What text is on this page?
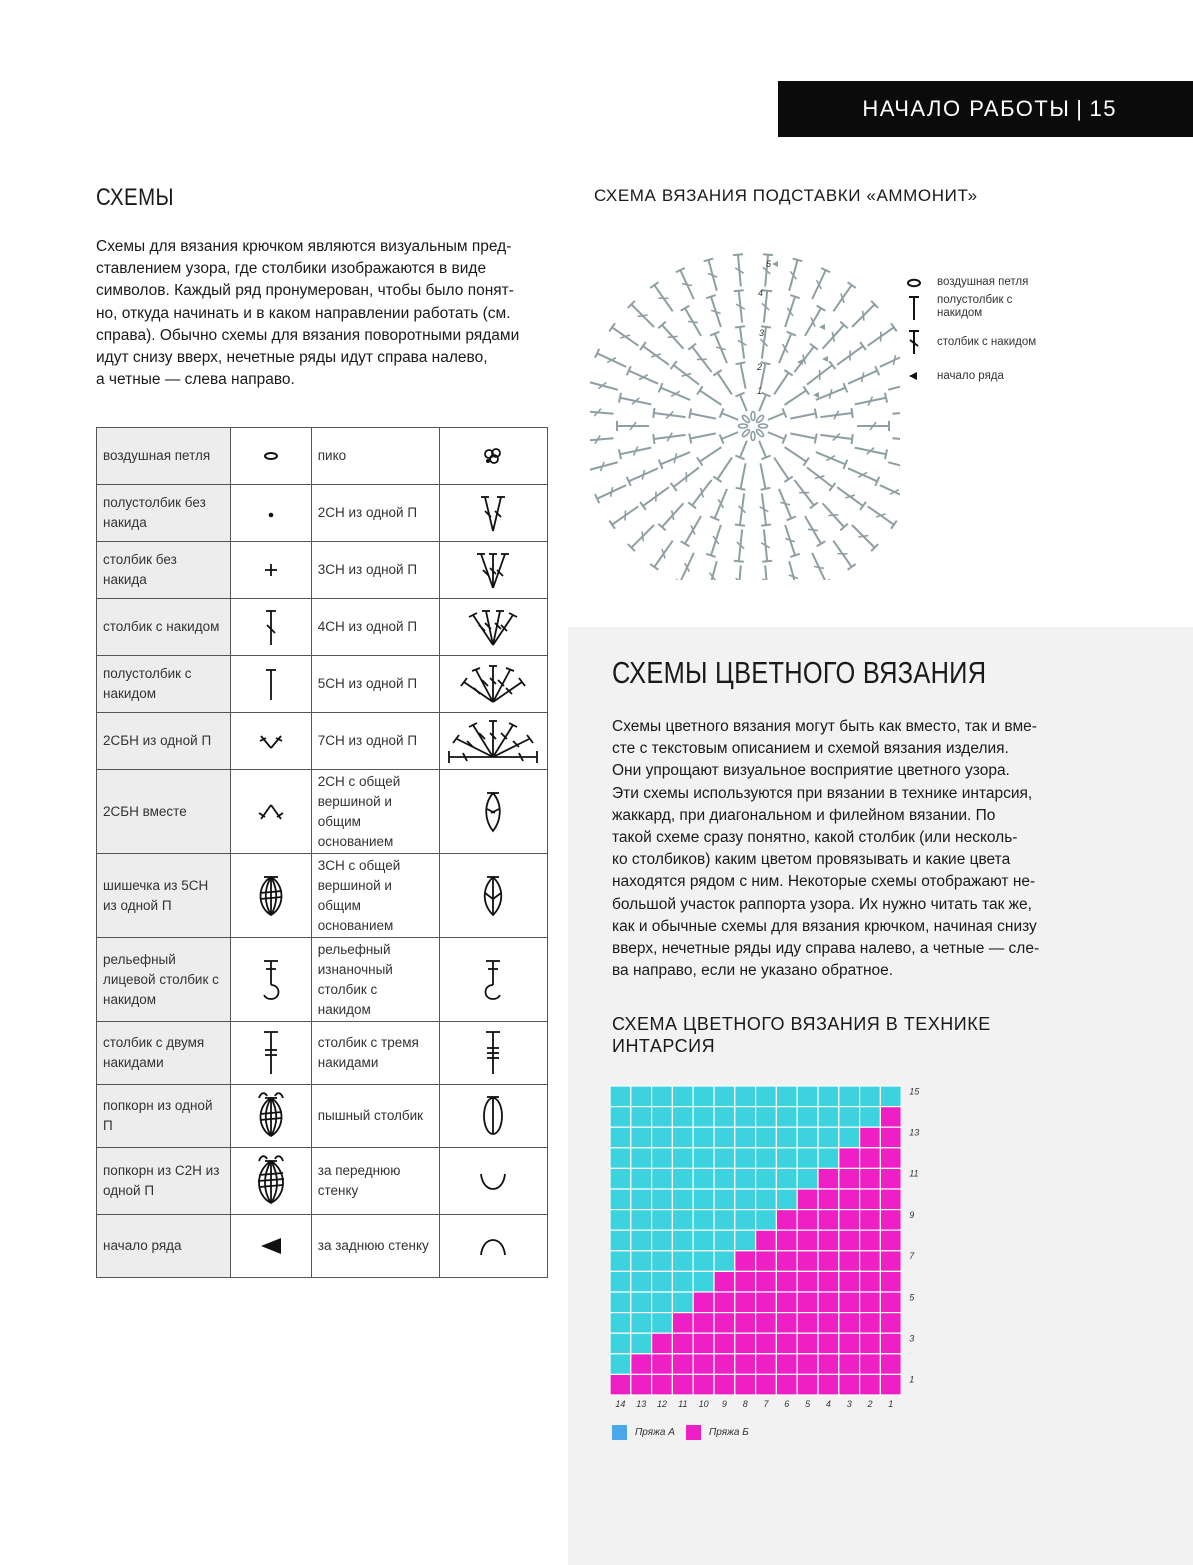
НАЧАЛО РАБОТЫ | 15
СХЕМЫ

Схемы для вязания крючком являются визуальным пред-

ставлением узора, где столбики изображаются в виде

символов. Каждый ряд пронумерован, чтобы было понят-

но, откуда начинать и в каком направлении работать (см.

справа). Обычно схемы для вязания поворотными рядами

идут снизу вверх, нечетные ряды идут справа налево,

а четные — слева направо.

воздушная петля		пико	

полустолбик без накида		2СН из одной П	

столбик без накида		3СН из одной П	

столбик с накидом		4СН из одной П	

полустолбик с накидом		5СН из одной П	

2СБН из одной П		7СН из одной П	

2СБН вместе		2СН с общей вершиной и общим основанием	

шишечка из 5СН из одной П		3СН с общей вершиной и общим основанием	

рельефный лицевой столбик с накидом		рельефный изнаночный столбик с накидом	

столбик с двумя накидами		столбик с тремя накидами	

попкорн из одной П		пышный столбик	

попкорн из С2Н из одной П		за переднюю стенку	

начало ряда		за заднюю стенку	
СХЕМА ВЯЗАНИЯ ПОДСТАВКИ «АММОНИТ»
1
2
3
4
5
воздушная петля
полустолбик с накидом
столбик с накидом
начало ряда
СХЕМЫ ЦВЕТНОГО ВЯЗАНИЯ

Схемы цветного вязания могут быть как вместо, так и вме-

сте с текстовым описанием и схемой вязания изделия.

Они упрощают визуальное восприятие цветного узора.

Эти схемы используются при вязании в технике интарсия,

жаккард, при диагональном и филейном вязании. По

такой схеме сразу понятно, какой столбик (или несколь-

ко столбиков) каким цветом провязывать и какие цвета

находятся рядом с ним. Некоторые схемы отображают не-

большой участок раппорта узора. Их нужно читать так же,

как и обычные схемы для вязания крючком, начиная снизу

вверх, нечетные ряды иду справа налево, а четные — сле-

ва направо, если не указано обратное.

СХЕМА ЦВЕТНОГО ВЯЗАНИЯ В ТЕХНИКЕ ИНТАРСИЯ
14 13 12 11 10 9 8 7 6 5 4 3 2 1
1
3
5
7
9
11
13
15
Пряжа А	Пряжа Б
